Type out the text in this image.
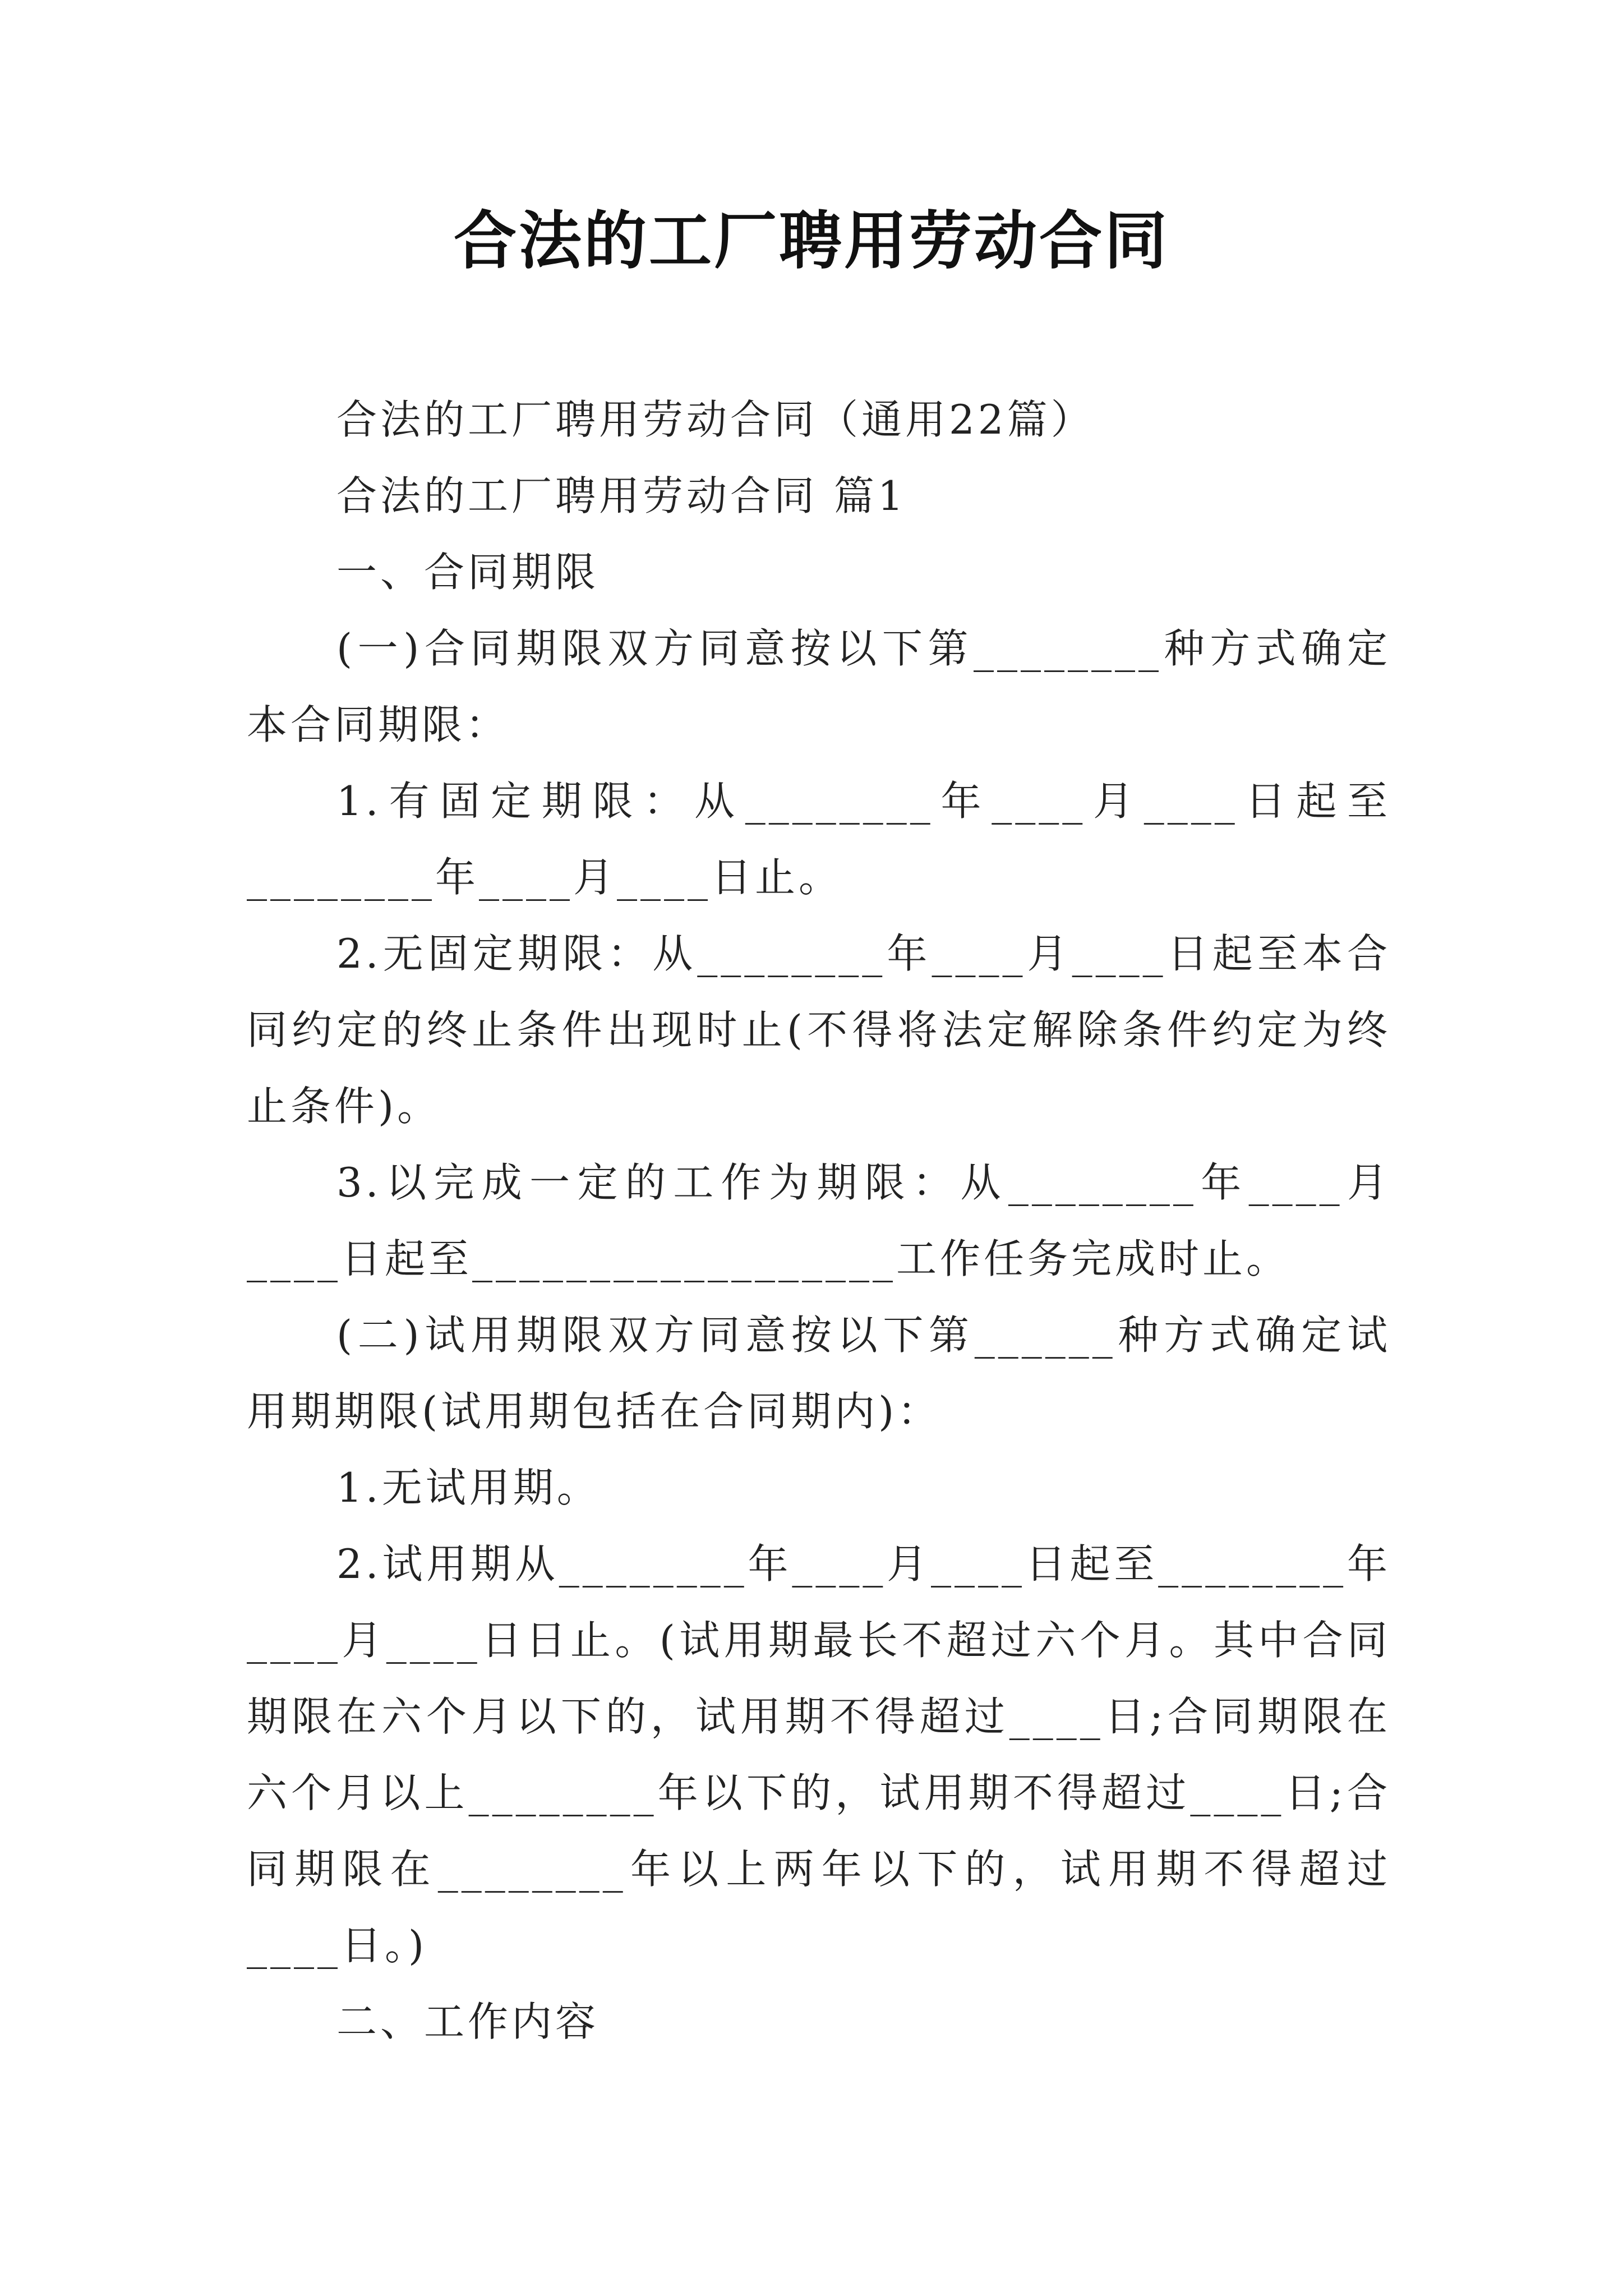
合法的工厂聘用劳动合同

合法的工厂聘用劳动合同（通用22篇）

合法的工厂聘用劳动合同 篇1

一、合同期限

(一)合同期限双方同意按以下第________种方式确定本合同期限：

1.有固定期限：从________年____月____日起至________年____月____日止。

2.无固定期限：从________年____月____日起至本合同约定的终止条件出现时止(不得将法定解除条件约定为终止条件)。

3.以完成一定的工作为期限：从________年____月____日起至__________________工作任务完成时止。

(二)试用期限双方同意按以下第______种方式确定试用期期限(试用期包括在合同期内)：

1.无试用期。

2.试用期从________年____月____日起至________年____月____日日止。(试用期最长不超过六个月。其中合同期限在六个月以下的，试用期不得超过____日;合同期限在六个月以上________年以下的，试用期不得超过____日;合同期限在________年以上两年以下的，试用期不得超过____日。)

二、工作内容
